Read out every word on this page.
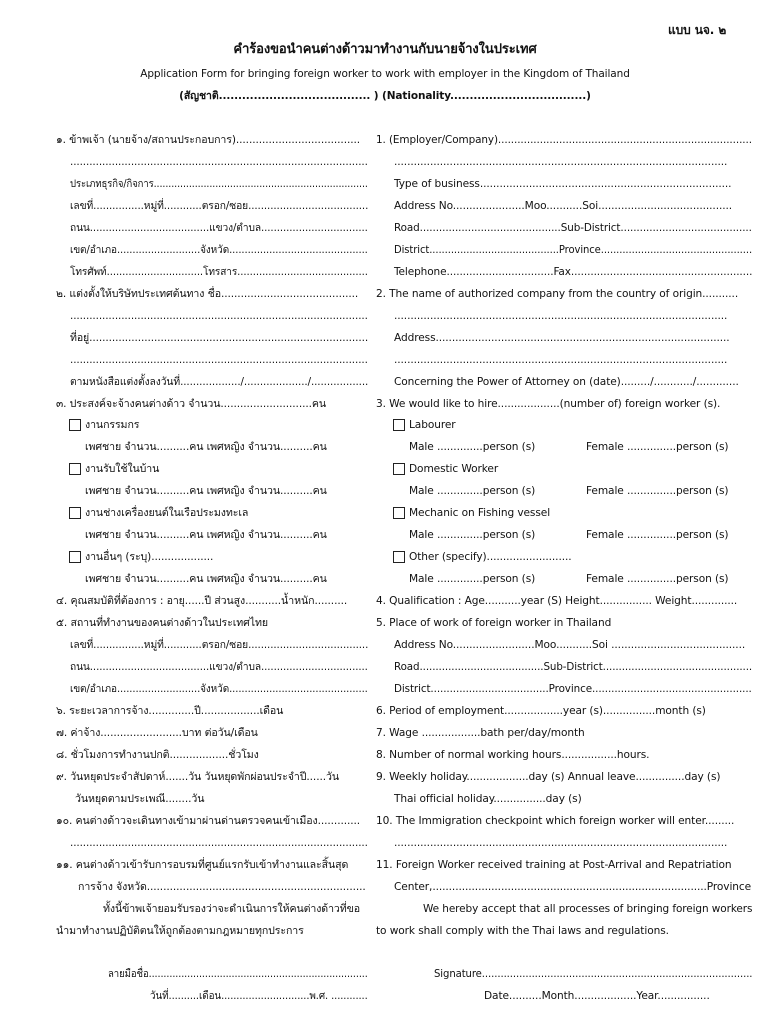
แบบ นจ. ๒
คำร้องขอนำคนต่างด้าวมาทำงานกับนายจ้างในประเทศ
Application Form for bringing foreign worker to work with employer in the Kingdom of Thailand
(สัญชาติ....................................... ) (Nationality...................................)
๑. ข้าพเจ้า (นายจ้าง/สถานประกอบการ)......................................
.............................................................................................
ประเภทธุรกิจ/กิจการ.........................................................................
เลขที่................หมู่ที่............ตรอก/ซอย......................................
ถนน......................................แขวง/ตำบล..................................
เขต/อำเภอ...........................จังหวัด.............................................
โทรศัพท์...............................โทรสาร..........................................
๒. แต่งตั้งให้บริษัทประเทศต้นทาง ชื่อ..........................................
.............................................................................................
ที่อยู่......................................................................................
.............................................................................................
ตามหนังสือแต่งตั้งลงวันที่.................../..................../..................
๓. ประสงค์จะจ้างคนต่างด้าว จำนวน............................คน
งานกรรมกร
เพศชาย จำนวน..........คน เพศหญิง จำนวน..........คน
งานรับใช้ในบ้าน
เพศชาย จำนวน..........คน เพศหญิง จำนวน..........คน
งานช่างเครื่องยนต์ในเรือประมงทะเล
เพศชาย จำนวน..........คน เพศหญิง จำนวน..........คน
งานอื่นๆ (ระบุ)...................
เพศชาย จำนวน..........คน เพศหญิง จำนวน..........คน
๔. คุณสมบัติที่ต้องการ : อายุ......ปี ส่วนสูง...........น้ำหนัก..........
๕. สถานที่ทำงานของคนต่างด้าวในประเทศไทย
เลขที่................หมู่ที่............ตรอก/ซอย......................................
ถนน......................................แขวง/ตำบล..................................
เขต/อำเภอ...........................จังหวัด.............................................
๖. ระยะเวลาการจ้าง..............ปี..................เดือน
๗. ค่าจ้าง.........................บาท ต่อวัน/เดือน
๘. ชั่วโมงการทำงานปกติ..................ชั่วโมง
๙. วันหยุดประจำสัปดาห์.......วัน วันหยุดพักผ่อนประจำปี......วัน
วันหยุดตามประเพณี........วัน
๑๐. คนต่างด้าวจะเดินทางเข้ามาผ่านด่านตรวจคนเข้าเมือง.............
.............................................................................................
๑๑. คนต่างด้าวเข้ารับการอบรมที่ศูนย์แรกรับเข้าทำงานและสิ้นสุด
การจ้าง จังหวัด...................................................................
ทั้งนี้ข้าพเจ้ายอมรับรองว่าจะดำเนินการให้คนต่างด้าวที่ขอ
นำมาทำงานปฏิบัติตนให้ถูกต้องตามกฎหมายทุกประการ
ลายมือชื่อ..........................................................................
วันที่..........เดือน.............................พ.ศ. ............
1. (Employer/Company)...............................................................................
......................................................................................................
Type of business.............................................................................
Address No......................Moo...........Soi.........................................
Road............................................Sub-District.........................................
District..........................................Province.................................................
Telephone.................................Fax........................................................
2. The name of authorized company from the country of origin...........
......................................................................................................
Address..........................................................................................
......................................................................................................
Concerning the Power of Attorney on (date)........./............/.............
3. We would like to hire...................(number of) foreign worker (s).
Labourer
Male ..............person (s)	Female ...............person (s)
Domestic Worker
Male ..............person (s)	Female ...............person (s)
Mechanic on Fishing vessel
Male ..............person (s)	Female ...............person (s)
Other (specify)..........................
Male ..............person (s)	Female ...............person (s)
4. Qualification : Age...........year (S) Height................ Weight..............
5. Place of work of foreign worker in Thailand
Address No.........................Moo...........Soi .........................................
Road.......................................Sub-District...............................................
District.....................................Province..................................................
6. Period of employment..................year (s)................month (s)
7. Wage ..................bath per/day/month
8. Number of normal working hours.................hours.
9. Weekly holiday...................day (s) Annual leave...............day (s)
Thai official holiday................day (s)
10. The Immigration checkpoint which foreign worker will enter.........
......................................................................................................
11. Foreign Worker received training at Post-Arrival and Repatriation
Center,....................................................................................Province
We hereby accept that all processes of bringing foreign workers
to work shall comply with the Thai laws and regulations.
Signature.......................................................................................
Date..........Month...................Year................
